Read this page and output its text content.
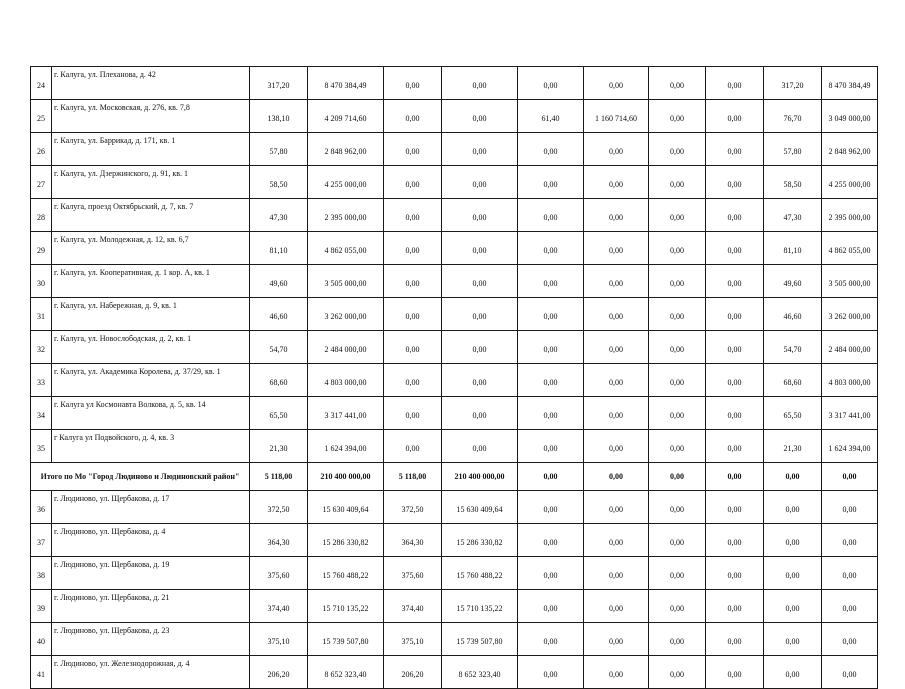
24	г. Калуга, ул. Плеханова, д. 42	317,20	8 470 384,49	0,00	0,00	0,00	0,00	0,00	0,00	317,20	8 470 384,49
25	г. Калуга, ул. Московская, д. 276, кв. 7,8	138,10	4 209 714,60	0,00	0,00	61,40	1 160 714,60	0,00	0,00	76,70	3 049 000,00
26	г. Калуга, ул. Баррикад, д. 171, кв. 1	57,80	2 848 962,00	0,00	0,00	0,00	0,00	0,00	0,00	57,80	2 848 962,00
27	г. Калуга, ул. Дзержинского, д. 91, кв. 1	58,50	4 255 000,00	0,00	0,00	0,00	0,00	0,00	0,00	58,50	4 255 000,00
28	г. Калуга, проезд Октябрьский, д. 7, кв. 7	47,30	2 395 000,00	0,00	0,00	0,00	0,00	0,00	0,00	47,30	2 395 000,00
29	г. Калуга, ул. Молодежная, д. 12, кв. 6,7	81,10	4 862 055,00	0,00	0,00	0,00	0,00	0,00	0,00	81,10	4 862 055,00
30	г. Калуга, ул. Кооперативная, д. 1 кор. А, кв. 1	49,60	3 505 000,00	0,00	0,00	0,00	0,00	0,00	0,00	49,60	3 505 000,00
31	г. Калуга, ул. Набережная, д. 9, кв. 1	46,60	3 262 000,00	0,00	0,00	0,00	0,00	0,00	0,00	46,60	3 262 000,00
32	г. Калуга, ул. Новослободская, д. 2, кв. 1	54,70	2 484 000,00	0,00	0,00	0,00	0,00	0,00	0,00	54,70	2 484 000,00
33	г. Калуга, ул. Академика Королева, д. 37/29, кв. 1	68,60	4 803 000,00	0,00	0,00	0,00	0,00	0,00	0,00	68,60	4 803 000,00
34	г. Калуга ул Космонавта Волкова, д. 5, кв. 14	65,50	3 317 441,00	0,00	0,00	0,00	0,00	0,00	0,00	65,50	3 317 441,00
35	г Калуга ул Подвойского, д. 4, кв. 3	21,30	1 624 394,00	0,00	0,00	0,00	0,00	0,00	0,00	21,30	1 624 394,00
Итого по Мо "Город Людиново и Людиновский район"		5 118,00	210 400 000,00	5 118,00	210 400 000,00	0,00	0,00	0,00	0,00	0,00	0,00
36	г. Людиново, ул. Щербакова, д. 17	372,50	15 630 409,64	372,50	15 630 409,64	0,00	0,00	0,00	0,00	0,00	0,00
37	г. Людиново, ул. Щербакова, д. 4	364,30	15 286 330,82	364,30	15 286 330,82	0,00	0,00	0,00	0,00	0,00	0,00
38	г. Людиново, ул. Щербакова, д. 19	375,60	15 760 488,22	375,60	15 760 488,22	0,00	0,00	0,00	0,00	0,00	0,00
39	г. Людиново, ул. Щербакова, д. 21	374,40	15 710 135,22	374,40	15 710 135,22	0,00	0,00	0,00	0,00	0,00	0,00
40	г. Людиново, ул. Щербакова, д. 23	375,10	15 739 507,80	375,10	15 739 507,80	0,00	0,00	0,00	0,00	0,00	0,00
41	г. Людиново, ул. Железнодорожная, д. 4	206,20	8 652 323,40	206,20	8 652 323,40	0,00	0,00	0,00	0,00	0,00	0,00
